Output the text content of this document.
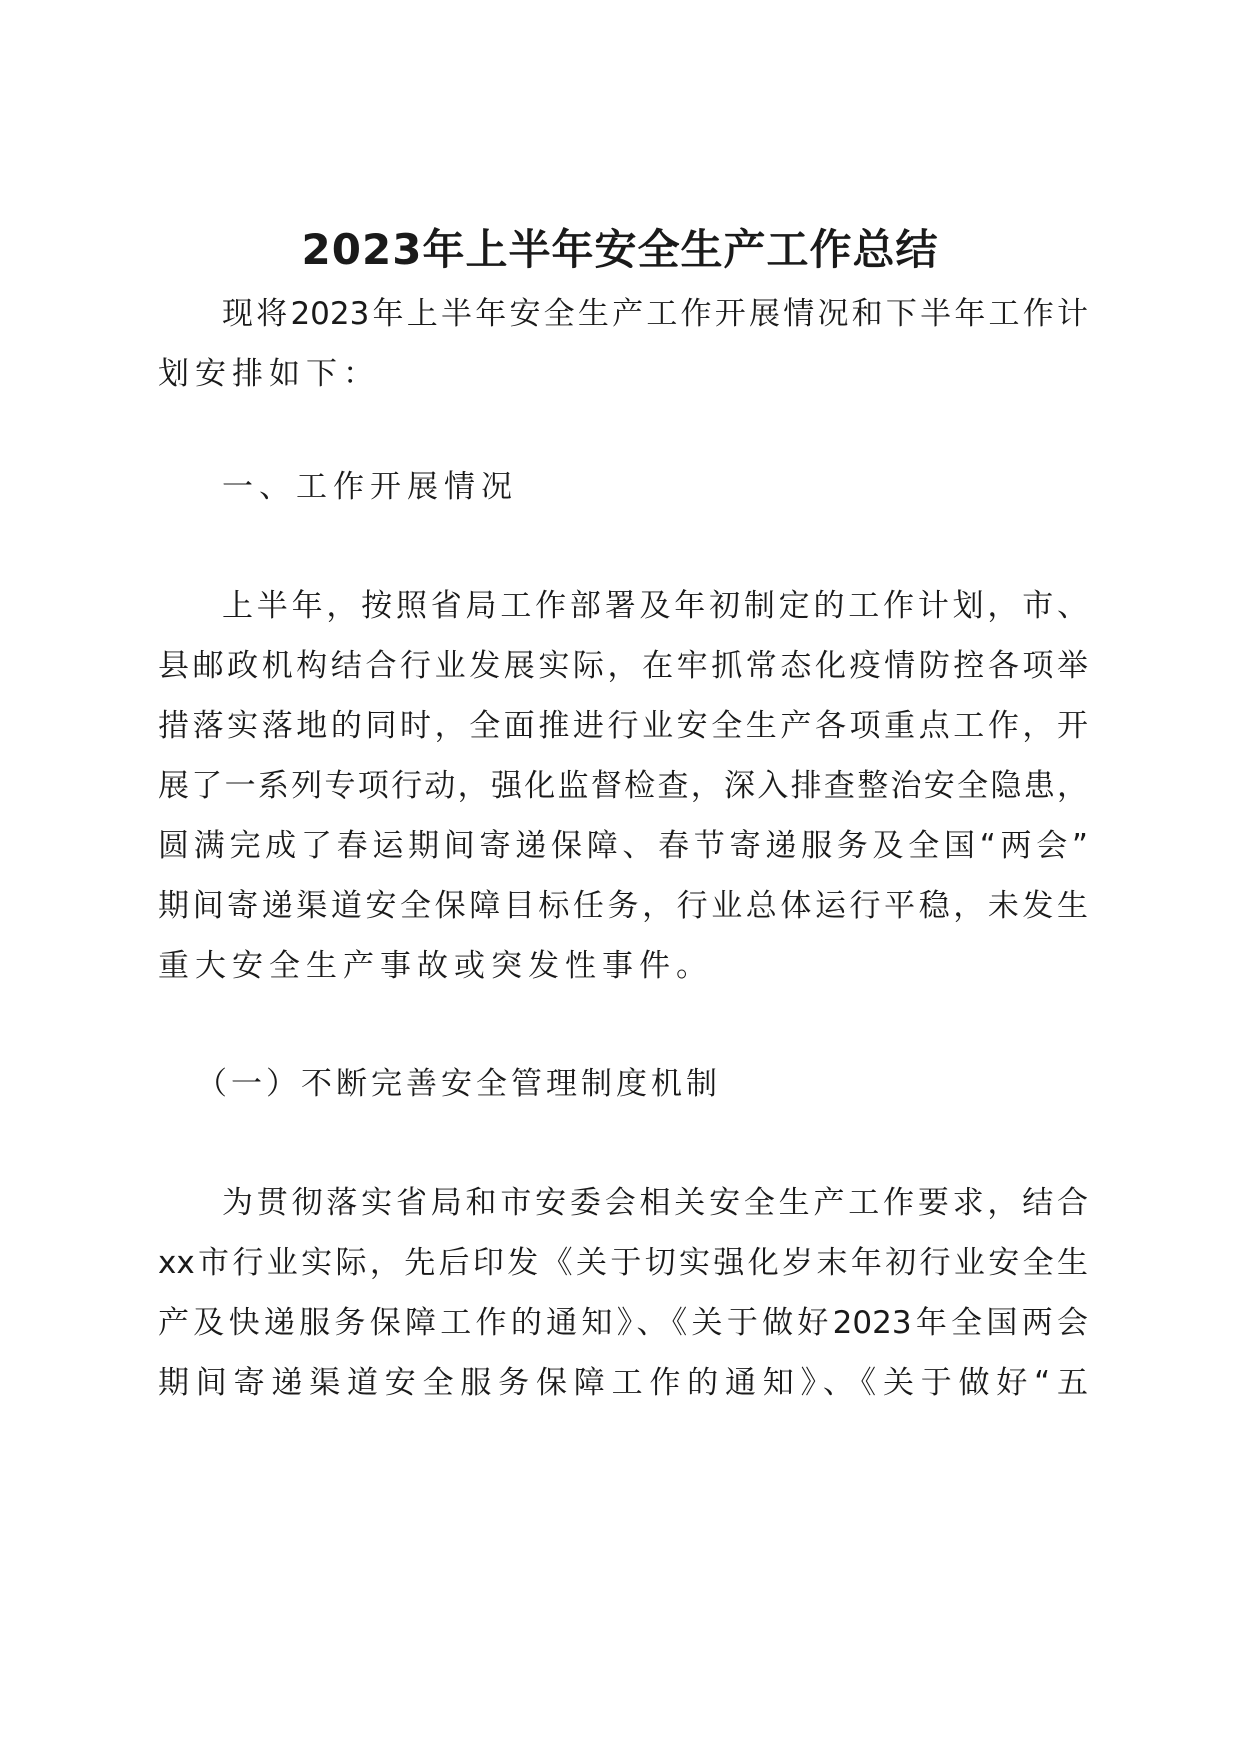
2023年上半年安全生产工作总结

现将2023年上半年安全生产工作开展情况和下半年工作计

划安排如下：

一、工作开展情况

上半年，按照省局工作部署及年初制定的工作计划，市、

县邮政机构结合行业发展实际，在牢抓常态化疫情防控各项举

措落实落地的同时，全面推进行业安全生产各项重点工作，开

展了一系列专项行动，强化监督检查，深入排查整治安全隐患，

圆满完成了春运期间寄递保障、春节寄递服务及全国“两会”

期间寄递渠道安全保障目标任务，行业总体运行平稳，未发生

重大安全生产事故或突发性事件。

（一）不断完善安全管理制度机制

为贯彻落实省局和市安委会相关安全生产工作要求，结合

xx市行业实际，先后印发《关于切实强化岁末年初行业安全生

产及快递服务保障工作的通知》、《关于做好2023年全国两会

期间寄递渠道安全服务保障工作的通知》、《关于做好“五
